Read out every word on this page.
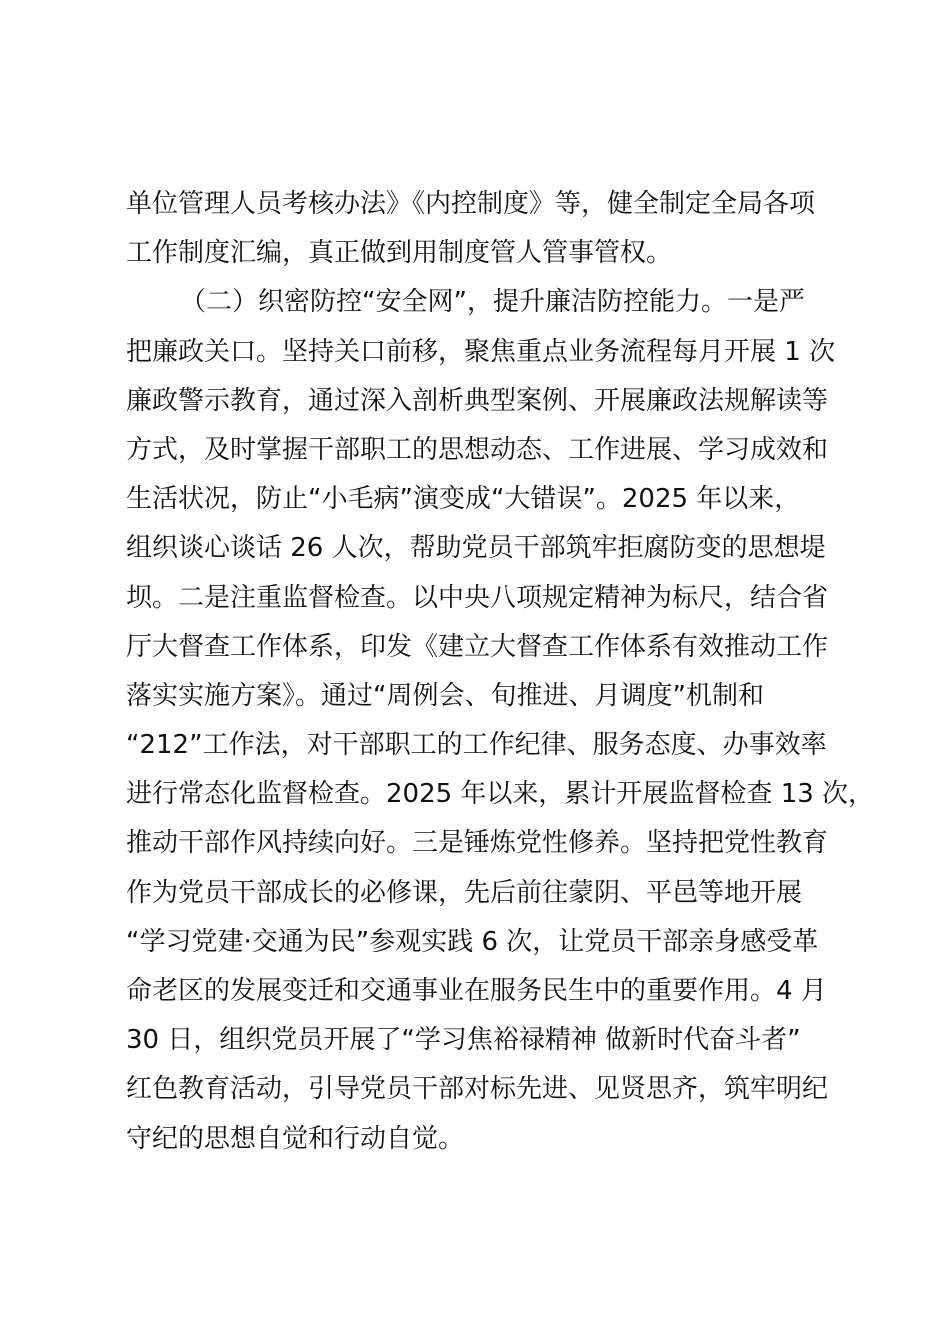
单位管理人员考核办法》《内控制度》等，健全制定全局各项
工作制度汇编，真正做到用制度管人管事管权。
（二）织密防控“安全网”，提升廉洁防控能力。一是严
把廉政关口。坚持关口前移，聚焦重点业务流程每月开展 1 次
廉政警示教育，通过深入剖析典型案例、开展廉政法规解读等
方式，及时掌握干部职工的思想动态、工作进展、学习成效和
生活状况，防止“小毛病”演变成“大错误”。2025 年以来，
组织谈心谈话 26 人次，帮助党员干部筑牢拒腐防变的思想堤
坝。二是注重监督检查。以中央八项规定精神为标尺，结合省
厅大督查工作体系，印发《建立大督查工作体系有效推动工作
落实实施方案》。通过“周例会、旬推进、月调度”机制和
“212”工作法，对干部职工的工作纪律、服务态度、办事效率
进行常态化监督检查。2025 年以来，累计开展监督检查 13 次，
推动干部作风持续向好。三是锤炼党性修养。坚持把党性教育
作为党员干部成长的必修课，先后前往蒙阴、平邑等地开展
“学习党建·交通为民”参观实践 6 次，让党员干部亲身感受革
命老区的发展变迁和交通事业在服务民生中的重要作用。4 月
30 日，组织党员开展了“学习焦裕禄精神 做新时代奋斗者”
红色教育活动，引导党员干部对标先进、见贤思齐，筑牢明纪
守纪的思想自觉和行动自觉。
